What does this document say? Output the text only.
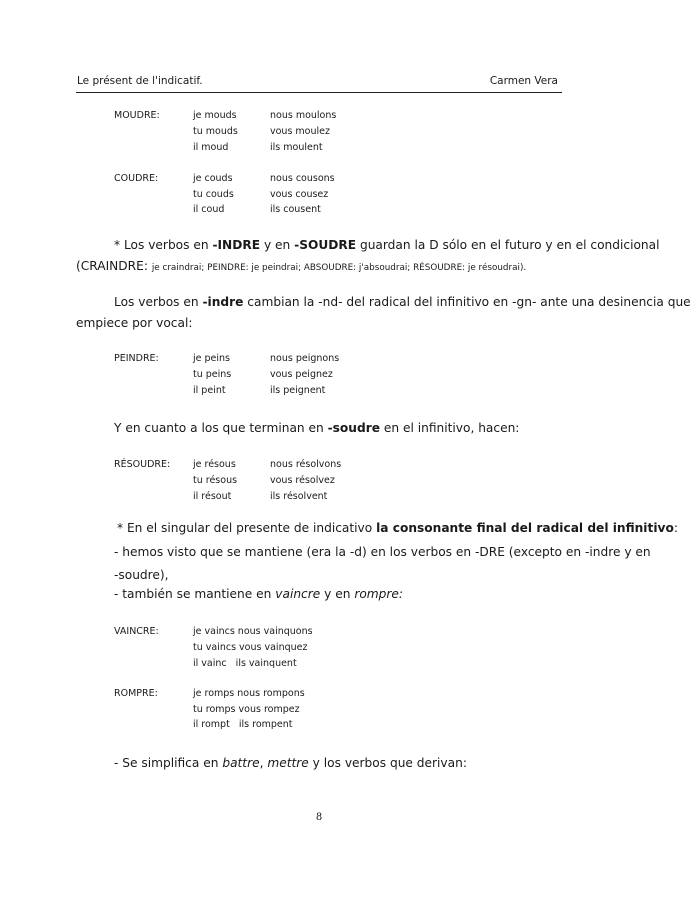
Le présent de l'indicatif.	Carmen Vera
MOUDRE:	je mouds	nous moulons
tu mouds	vous moulez
il moud	ils moulent
COUDRE:	je couds	nous cousons
tu couds	vous cousez
il coud	ils cousent
* Los verbos en -INDRE y en -SOUDRE guardan la D sólo en el futuro y en el condicional
(CRAINDRE: je craindrai; PEINDRE: je peindrai; ABSOUDRE: j'absoudrai; RÉSOUDRE: je résoudrai).
Los verbos en -indre cambian la -nd- del radical del infinitivo en -gn- ante una desinencia que
empiece por vocal:
PEINDRE:	je peins	nous peignons
tu peins	vous peignez
il peint	ils peignent
Y en cuanto a los que terminan en -soudre en el infinitivo, hacen:
RÉSOUDRE: je résous	nous résolvons
tu résous	vous résolvez
il résout	ils résolvent
* En el singular del presente de indicativo la consonante final del radical del infinitivo:
- hemos visto que se mantiene (era la -d) en los verbos en -DRE (excepto en -indre y en
-soudre),
- también se mantiene en vaincre y en rompre:
VAINCRE:	je vaincs nous vainquons
tu vaincs vous vainquez
il vainc   ils vainquent
ROMPRE:	je romps nous rompons
tu romps vous rompez
il rompt   ils rompent
- Se simplifica en battre, mettre y los verbos que derivan:
8
